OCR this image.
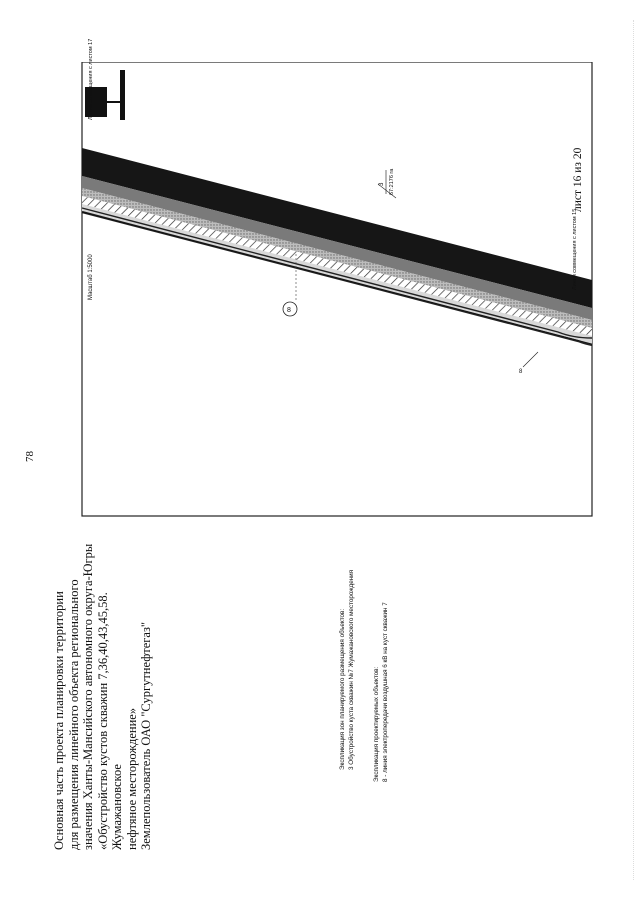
78
Основная часть проекта планировки территории для размещения линейного объекта регионального значения Ханты-Мансийского автономного округа-Югры «Обустройство кустов скважин 7,36,40,43,45,58. Жумажановское нефтяное месторождение» Землепользователь ОАО "Сургутнефтегаз"	Экспликация зон планируемого размещения объектов: 3 Обустройство куста скважин №7 Жумажановского месторождения	Экспликация проектируемых объектов: 8 - линия электропередачи воздушная 6 кВ на куст скважин 7
3 67:2176 га
8
8
Масштаб 1:5000
Линия совмещения с листом 17
Линия совмещения с листом 15
лист 16 из 20
